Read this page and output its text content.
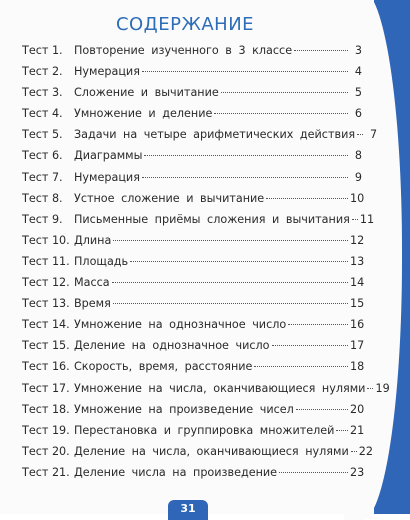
СОДЕРЖАНИЕ
Тест 1.	Повторение изученного в 3 классе	3
Тест 2.	Нумерация	4
Тест 3.	Сложение и вычитание	5
Тест 4.	Умножение и деление	6
Тест 5.	Задачи на четыре арифметических действия	7
Тест 6.	Диаграммы	8
Тест 7.	Нумерация	9
Тест 8.	Устное сложение и вычитание	10
Тест 9.	Письменные приёмы сложения и вычитания 11
Тест 10. Длина	12
Тест 11. Площадь	13
Тест 12. Масса	14
Тест 13. Время	15
Тест 14. Умножение на однозначное число	16
Тест 15. Деление на однозначное число	17
Тест 16. Скорость, время, расстояние	18
Тест 17. Умножение на числа, оканчивающиеся нулями 19
Тест 18. Умножение на произведение чисел	20
Тест 19. Перестановка и группировка множителей 21
Тест 20. Деление на числа, оканчивающиеся нулями 22
Тест 21. Деление числа на произведение	23
31
